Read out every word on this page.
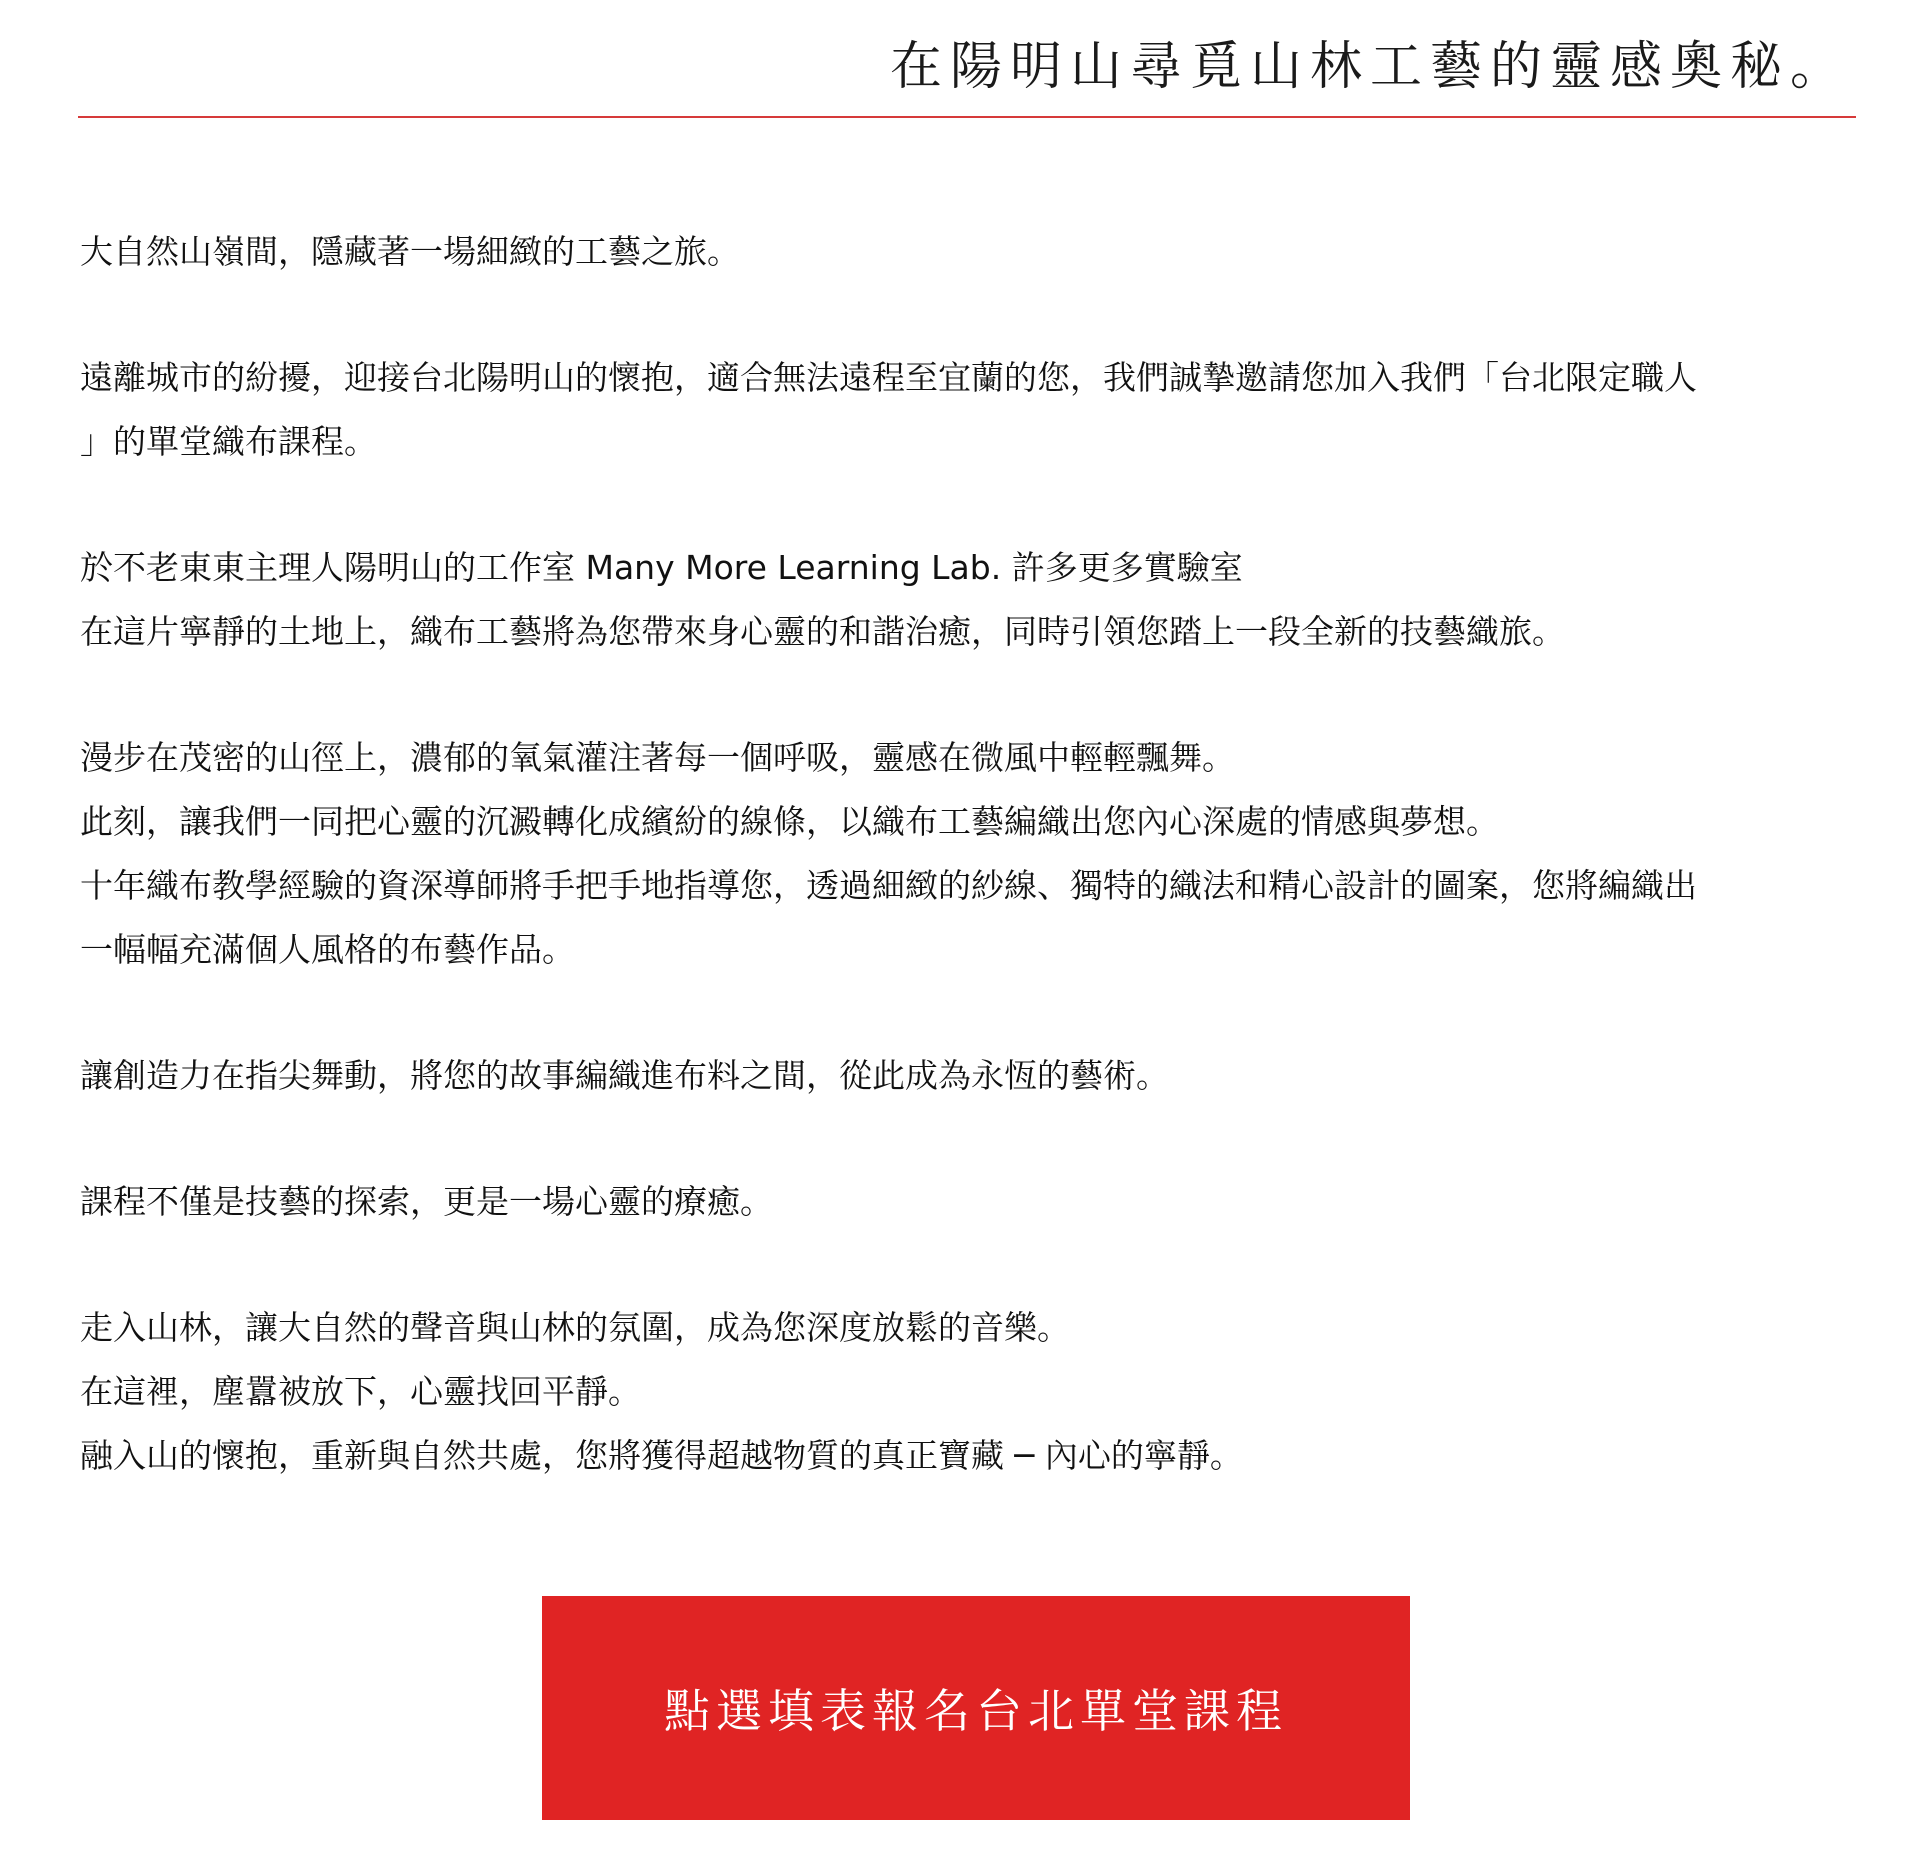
在陽明山尋覓山林工藝的靈感奧秘。
大自然山嶺間，隱藏著一場細緻的工藝之旅。
遠離城市的紛擾，迎接台北陽明山的懷抱，適合無法遠程至宜蘭的您，我們誠摯邀請您加入我們「台北限定職人
」的單堂織布課程。
於不老東東主理人陽明山的工作室 Many More Learning Lab. 許多更多實驗室
在這片寧靜的土地上，織布工藝將為您帶來身心靈的和諧治癒，同時引領您踏上一段全新的技藝織旅。
漫步在茂密的山徑上，濃郁的氧氣灌注著每一個呼吸，靈感在微風中輕輕飄舞。
此刻，讓我們一同把心靈的沉澱轉化成繽紛的線條，以織布工藝編織出您內心深處的情感與夢想。
十年織布教學經驗的資深導師將手把手地指導您，透過細緻的紗線、獨特的織法和精心設計的圖案，您將編織出
一幅幅充滿個人風格的布藝作品。
讓創造力在指尖舞動，將您的故事編織進布料之間，從此成為永恆的藝術。
課程不僅是技藝的探索，更是一場心靈的療癒。
走入山林，讓大自然的聲音與山林的氛圍，成為您深度放鬆的音樂。
在這裡，塵囂被放下，心靈找回平靜。
融入山的懷抱，重新與自然共處，您將獲得超越物質的真正寶藏 ─ 內心的寧靜。
點選填表報名台北單堂課程
